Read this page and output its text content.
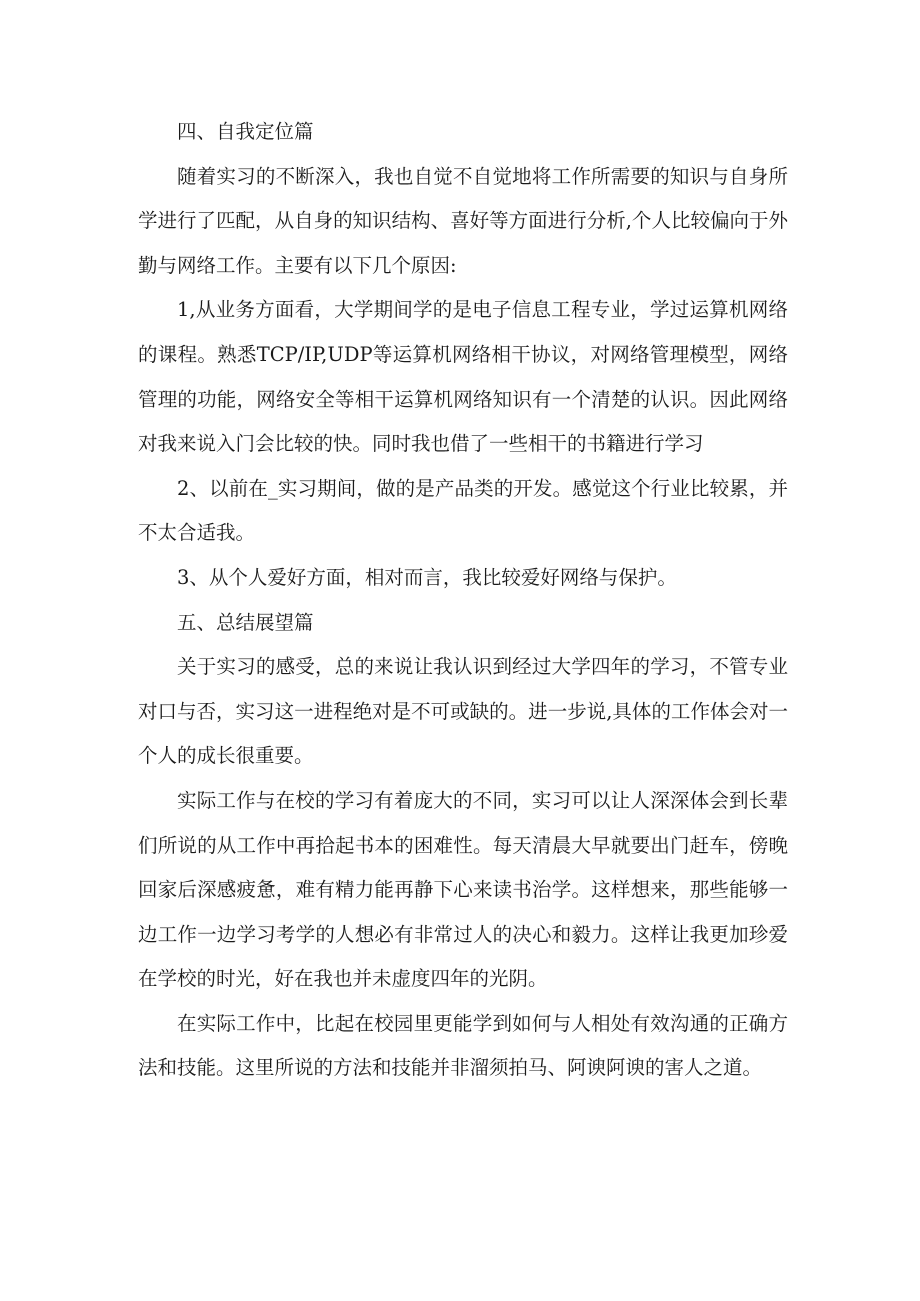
四、自我定位篇

随着实习的不断深入，我也自觉不自觉地将工作所需要的知识与自身所学进行了匹配，从自身的知识结构、喜好等方面进行分析,个人比较偏向于外勤与网络工作。主要有以下几个原因:

1,从业务方面看，大学期间学的是电子信息工程专业，学过运算机网络的课程。熟悉TCP/IP,UDP等运算机网络相干协议，对网络管理模型，网络管理的功能，网络安全等相干运算机网络知识有一个清楚的认识。因此网络对我来说入门会比较的快。同时我也借了一些相干的书籍进行学习

2、以前在_实习期间，做的是产品类的开发。感觉这个行业比较累，并不太合适我。

3、从个人爱好方面，相对而言，我比较爱好网络与保护。

五、总结展望篇

关于实习的感受，总的来说让我认识到经过大学四年的学习，不管专业对口与否，实习这一进程绝对是不可或缺的。进一步说,具体的工作体会对一个人的成长很重要。

实际工作与在校的学习有着庞大的不同，实习可以让人深深体会到长辈们所说的从工作中再拾起书本的困难性。每天清晨大早就要出门赶车，傍晚回家后深感疲惫，难有精力能再静下心来读书治学。这样想来，那些能够一边工作一边学习考学的人想必有非常过人的决心和毅力。这样让我更加珍爱在学校的时光，好在我也并未虚度四年的光阴。

在实际工作中，比起在校园里更能学到如何与人相处有效沟通的正确方法和技能。这里所说的方法和技能并非溜须拍马、阿谀阿谀的害人之道。
